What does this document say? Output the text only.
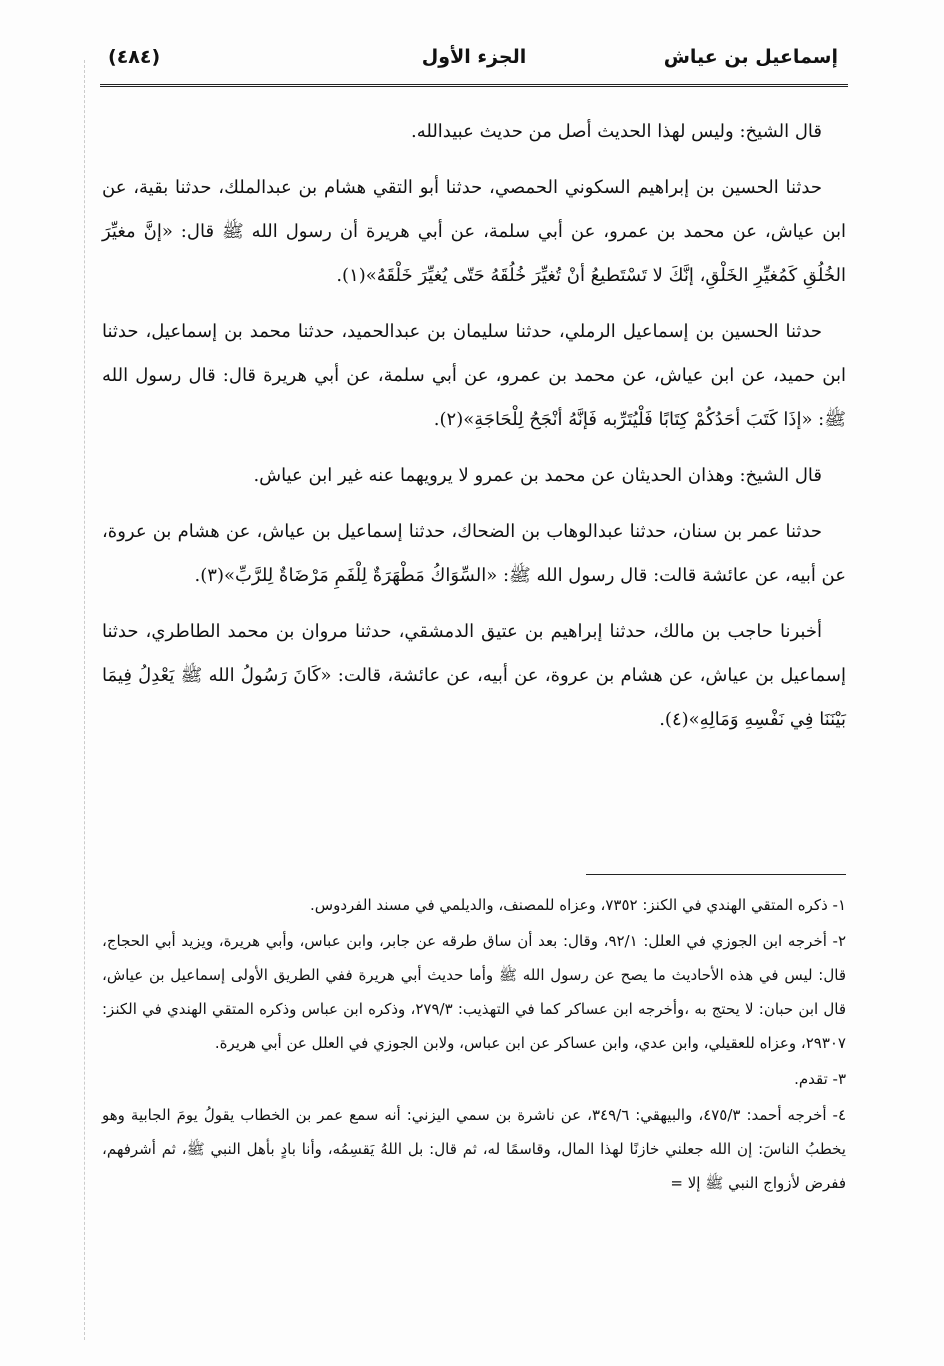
إسماعيل بن عياش
الجزء الأول
(٤٨٤)

قال الشيخ: وليس لهذا الحديث أصل من حديث عبيدالله.

حدثنا الحسين بن إبراهيم السكوني الحمصي، حدثنا أبو التقي هشام بن عبدالملك، حدثنا بقية، عن ابن عياش، عن محمد بن عمرو، عن أبي سلمة، عن أبي هريرة أن رسول الله ﷺ قال: «إنَّ مغيِّرَ الخُلُقِ كَمُغيِّرِ الخَلْقِ، إنَّكَ لا تَسْتَطيعُ أنْ تُغيِّرَ خُلُقَهُ حَتّى يُغيِّرَ خَلْقَهُ»(١).

حدثنا الحسين بن إسماعيل الرملي، حدثنا سليمان بن عبدالحميد، حدثنا محمد بن إسماعيل، حدثنا ابن حميد، عن ابن عياش، عن محمد بن عمرو، عن أبي سلمة، عن أبي هريرة قال: قال رسول الله ﷺ: «إذَا كَتَبَ أحَدُكُمْ كِتَابًا فَلْيُتَرِّبه فَإنَّهُ أنْجَحُ لِلْحَاجَةِ»(٢).

قال الشيخ: وهذان الحديثان عن محمد بن عمرو لا يرويهما عنه غير ابن عياش.

حدثنا عمر بن سنان، حدثنا عبدالوهاب بن الضحاك، حدثنا إسماعيل بن عياش، عن هشام بن عروة، عن أبيه، عن عائشة قالت: قال رسول الله ﷺ: «السِّوَاكُ مَطْهَرَةٌ لِلْفَمِ مَرْضَاةٌ لِلرَّبِّ»(٣).

أخبرنا حاجب بن مالك، حدثنا إبراهيم بن عتيق الدمشقي، حدثنا مروان بن محمد الطاطري، حدثنا إسماعيل بن عياش، عن هشام بن عروة، عن أبيه، عن عائشة، قالت: «كَانَ رَسُولُ الله ﷺ يَعْدِلُ فِيمَا بَيْنَنَا فِي نَفْسِهِ وَمَالِهِ»(٤).

١- ذكره المتقي الهندي في الكنز: ٧٣٥٢، وعزاه للمصنف، والديلمي في مسند الفردوس.
٢- أخرجه ابن الجوزي في العلل: ٩٢/١، وقال: بعد أن ساق طرقه عن جابر، وابن عباس، وأبي هريرة، ويزيد أبي الحجاج، قال: ليس في هذه الأحاديث ما يصح عن رسول الله ﷺ وأما حديث أبي هريرة ففي الطريق الأولى إسماعيل بن عياش، قال ابن حبان: لا يحتج به ،وأخرجه ابن عساكر كما في التهذيب: ٢٧٩/٣، وذكره ابن عباس وذكره المتقي الهندي في الكنز: ٢٩٣٠٧، وعزاه للعقيلي، وابن عدي، وابن عساكر عن ابن عباس، ولابن الجوزي في العلل عن أبي هريرة.
٣- تقدم.
٤- أخرجه أحمد: ٤٧٥/٣، والبيهقي: ٣٤٩/٦، عن ناشرة بن سمي اليزني: أنه سمع عمر بن الخطاب يقولُ يومَ الجابية وهو يخطبُ الناسَ: إن الله جعلني خازنًا لهذا المال، وقاسمًا له، ثم قال: بل اللهُ يَقسِمُه، وأنا بادٍ بأهل النبي ﷺ، ثم أشرفهم، ففرض لأزواج النبي ﷺ إلا =
